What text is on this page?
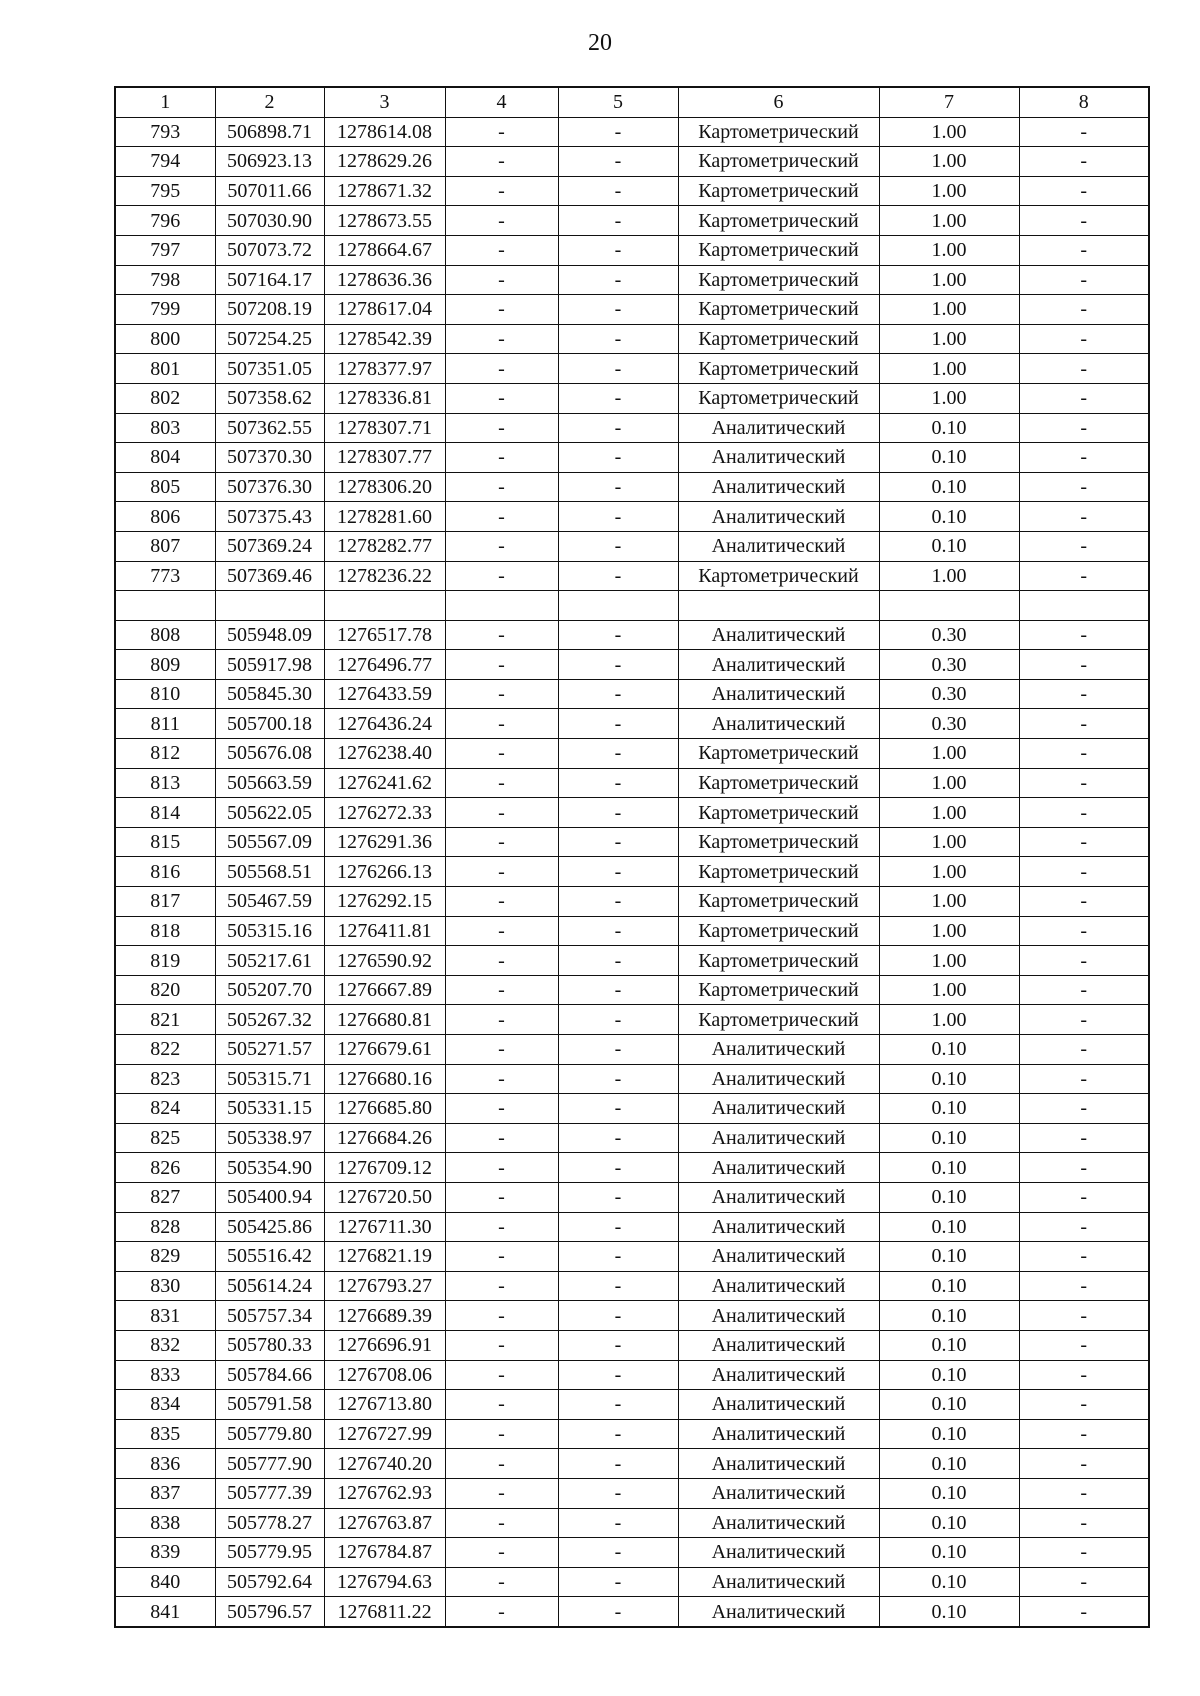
20
1	2	3	4	5	6	7	8
793	506898.71	1278614.08	-	-	Картометрический	1.00	-
794	506923.13	1278629.26	-	-	Картометрический	1.00	-
795	507011.66	1278671.32	-	-	Картометрический	1.00	-
796	507030.90	1278673.55	-	-	Картометрический	1.00	-
797	507073.72	1278664.67	-	-	Картометрический	1.00	-
798	507164.17	1278636.36	-	-	Картометрический	1.00	-
799	507208.19	1278617.04	-	-	Картометрический	1.00	-
800	507254.25	1278542.39	-	-	Картометрический	1.00	-
801	507351.05	1278377.97	-	-	Картометрический	1.00	-
802	507358.62	1278336.81	-	-	Картометрический	1.00	-
803	507362.55	1278307.71	-	-	Аналитический	0.10	-
804	507370.30	1278307.77	-	-	Аналитический	0.10	-
805	507376.30	1278306.20	-	-	Аналитический	0.10	-
806	507375.43	1278281.60	-	-	Аналитический	0.10	-
807	507369.24	1278282.77	-	-	Аналитический	0.10	-
773	507369.46	1278236.22	-	-	Картометрический	1.00	-

808	505948.09	1276517.78	-	-	Аналитический	0.30	-
809	505917.98	1276496.77	-	-	Аналитический	0.30	-
810	505845.30	1276433.59	-	-	Аналитический	0.30	-
811	505700.18	1276436.24	-	-	Аналитический	0.30	-
812	505676.08	1276238.40	-	-	Картометрический	1.00	-
813	505663.59	1276241.62	-	-	Картометрический	1.00	-
814	505622.05	1276272.33	-	-	Картометрический	1.00	-
815	505567.09	1276291.36	-	-	Картометрический	1.00	-
816	505568.51	1276266.13	-	-	Картометрический	1.00	-
817	505467.59	1276292.15	-	-	Картометрический	1.00	-
818	505315.16	1276411.81	-	-	Картометрический	1.00	-
819	505217.61	1276590.92	-	-	Картометрический	1.00	-
820	505207.70	1276667.89	-	-	Картометрический	1.00	-
821	505267.32	1276680.81	-	-	Картометрический	1.00	-
822	505271.57	1276679.61	-	-	Аналитический	0.10	-
823	505315.71	1276680.16	-	-	Аналитический	0.10	-
824	505331.15	1276685.80	-	-	Аналитический	0.10	-
825	505338.97	1276684.26	-	-	Аналитический	0.10	-
826	505354.90	1276709.12	-	-	Аналитический	0.10	-
827	505400.94	1276720.50	-	-	Аналитический	0.10	-
828	505425.86	1276711.30	-	-	Аналитический	0.10	-
829	505516.42	1276821.19	-	-	Аналитический	0.10	-
830	505614.24	1276793.27	-	-	Аналитический	0.10	-
831	505757.34	1276689.39	-	-	Аналитический	0.10	-
832	505780.33	1276696.91	-	-	Аналитический	0.10	-
833	505784.66	1276708.06	-	-	Аналитический	0.10	-
834	505791.58	1276713.80	-	-	Аналитический	0.10	-
835	505779.80	1276727.99	-	-	Аналитический	0.10	-
836	505777.90	1276740.20	-	-	Аналитический	0.10	-
837	505777.39	1276762.93	-	-	Аналитический	0.10	-
838	505778.27	1276763.87	-	-	Аналитический	0.10	-
839	505779.95	1276784.87	-	-	Аналитический	0.10	-
840	505792.64	1276794.63	-	-	Аналитический	0.10	-
841	505796.57	1276811.22	-	-	Аналитический	0.10	-
